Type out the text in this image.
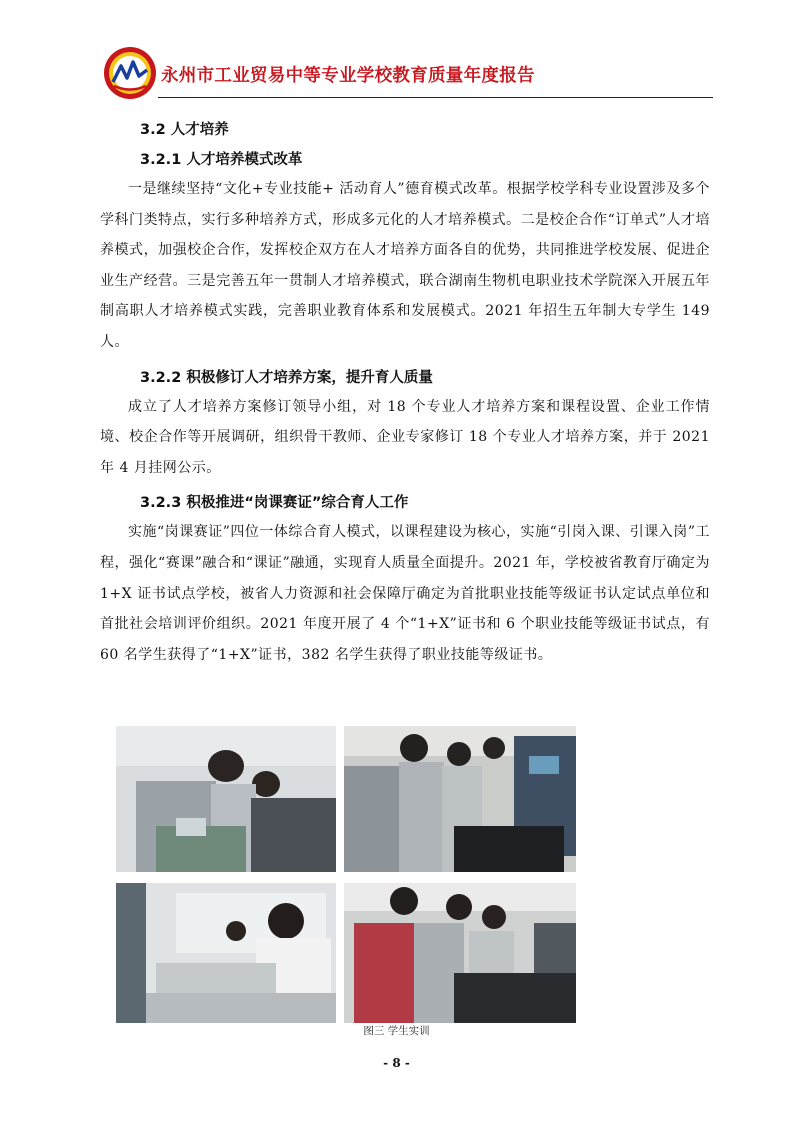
永州市工业贸易中等专业学校教育质量年度报告
3.2 人才培养
3.2.1 人才培养模式改革

一是继续坚持“文化+专业技能+ 活动育人”德育模式改革。根据学校学科专业设置涉及多个学科门类特点，实行多种培养方式，形成多元化的人才培养模式。二是校企合作“订单式”人才培养模式，加强校企合作，发挥校企双方在人才培养方面各自的优势，共同推进学校发展、促进企业生产经营。三是完善五年一贯制人才培养模式，联合湖南生物机电职业技术学院深入开展五年制高职人才培养模式实践，完善职业教育体系和发展模式。2021 年招生五年制大专学生 149 人。

3.2.2 积极修订人才培养方案，提升育人质量

成立了人才培养方案修订领导小组，对 18 个专业人才培养方案和课程设置、企业工作情境、校企合作等开展调研，组织骨干教师、企业专家修订 18 个专业人才培养方案，并于 2021 年 4 月挂网公示。

3.2.3 积极推进“岗课赛证”综合育人工作

实施“岗课赛证”四位一体综合育人模式，以课程建设为核心，实施“引岗入课、引课入岗”工程，强化“赛课”融合和“课证”融通，实现育人质量全面提升。2021 年，学校被省教育厅确定为 1+X 证书试点学校，被省人力资源和社会保障厅确定为首批职业技能等级证书认定试点单位和首批社会培训评价组织。2021 年度开展了 4 个“1+X”证书和 6 个职业技能等级证书试点，有 60 名学生获得了“1+X”证书，382 名学生获得了职业技能等级证书。

图三 学生实训
- 8 -
